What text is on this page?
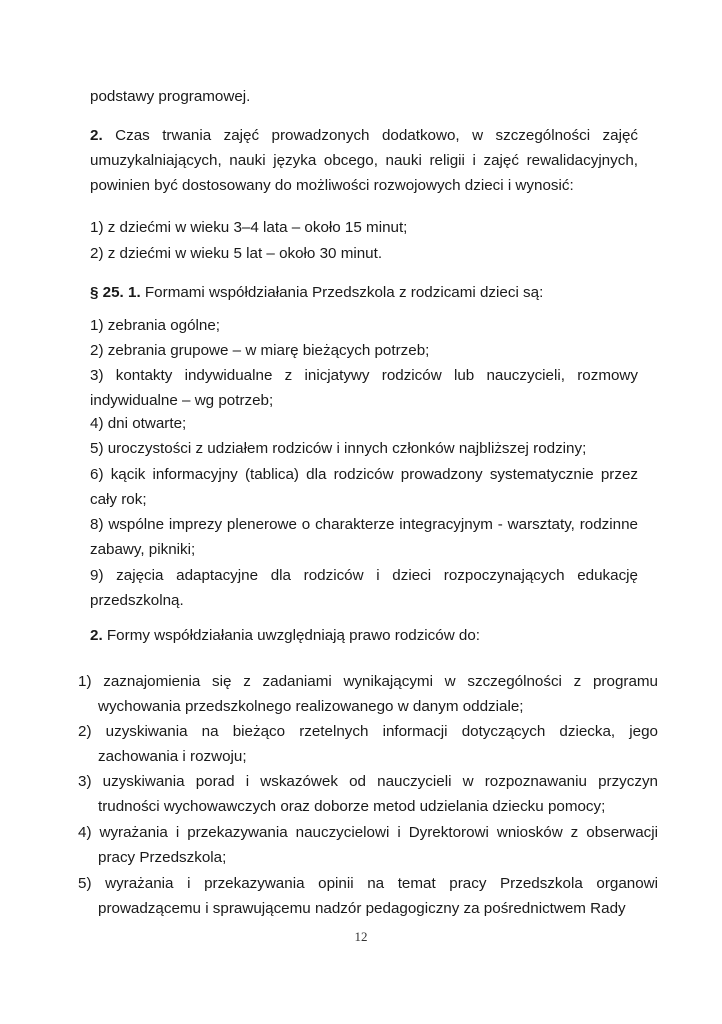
podstawy programowej.

2. Czas trwania zajęć prowadzonych dodatkowo, w szczególności zajęć umuzykalniających, nauki języka obcego, nauki religii i zajęć rewalidacyjnych, powinien być dostosowany do możliwości rozwojowych dzieci i wynosić:

1) z dziećmi w wieku 3–4 lata – około 15 minut;

2) z dziećmi w wieku 5 lat – około 30 minut.

§ 25. 1. Formami współdziałania Przedszkola z rodzicami dzieci są:

1) zebrania ogólne;

2) zebrania grupowe – w miarę bieżących potrzeb;

3) kontakty indywidualne z inicjatywy rodziców lub nauczycieli, rozmowy indywidualne – wg potrzeb;

4) dni otwarte;

5) uroczystości z udziałem rodziców i innych członków najbliższej rodziny;

6) kącik informacyjny (tablica) dla rodziców prowadzony systematycznie przez cały rok;

8) wspólne imprezy plenerowe o charakterze integracyjnym - warsztaty, rodzinne zabawy, pikniki;

9) zajęcia adaptacyjne dla rodziców i dzieci rozpoczynających edukację przedszkolną.

2. Formy współdziałania uwzględniają prawo rodziców do:

1) zaznajomienia się z zadaniami wynikającymi w szczególności z programu wychowania przedszkolnego realizowanego w danym oddziale;

2) uzyskiwania na bieżąco rzetelnych informacji dotyczących dziecka, jego zachowania i rozwoju;

3) uzyskiwania porad i wskazówek od nauczycieli w rozpoznawaniu przyczyn trudności wychowawczych oraz doborze metod udzielania dziecku pomocy;

4) wyrażania i przekazywania nauczycielowi i Dyrektorowi wniosków z obserwacji pracy Przedszkola;

5) wyrażania i przekazywania opinii na temat pracy Przedszkola organowi prowadzącemu i sprawującemu nadzór pedagogiczny za pośrednictwem Rady

12
